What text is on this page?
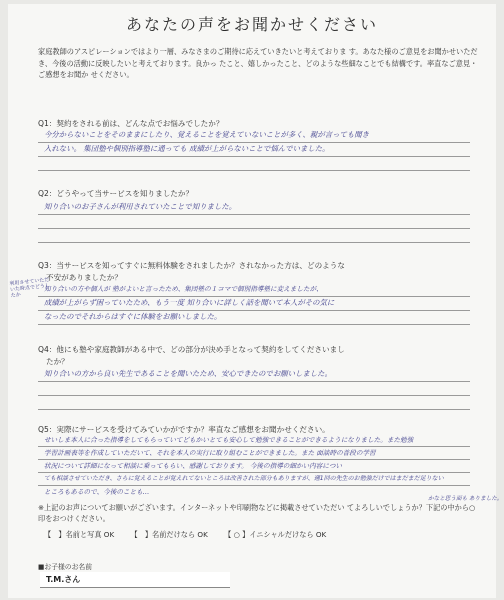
あなたの声をお聞かせください
家庭教師のアスピレーションではより一層、みなさまのご期待に応えていきたいと考えておりま す。あなた様のご意見をお聞かせいただき、今後の活動に反映したいと考えております。良かっ たこと、嬉しかったこと、どのような些細なことでも結構です。率直なご意見・ご感想をお聞か せください。
Q1：契約をされる前は、どんな点でお悩みでしたか？
今分からないことをそのままにしたり、覚えることを覚えていないことが多く、親が言っても聞き
入れない。 集団塾や個別指導塾に通っても 成績が上がらないことで悩んでいました。
Q2：どうやって当サービスを知りましたか？
知り合いのお子さんが利用されていたことで知りました。
Q3：当サービスを知ってすぐに無料体験をされましたか？されなかった方は、どのような
不安がありましたか？
利用させていただいた時点でどうしたか
知り合いの方や個人が 塾がよいと言ったため、集団塾の１コマで個別指導塾に変えましたが、
成績が上がらず困っていたため、もう一度 知り合いに詳しく話を聞いて本人がその気に
なったのでそれからはすぐに体験をお願いしました。
Q4：他にも塾や家庭教師がある中で、どの部分が決め手となって契約をしてくださいまし
たか？
知り合いの方から良い先生であることを聞いたため、安心できたのでお願いしました。
Q5：実際にサービスを受けてみていかがですか？率直なご感想をお聞かせください。
せいしま本人に合った指導をしてもらっていてどもかいとても安心して勉強できることができるようになりました。また勉強
学習計画表等を作成していただいて、それを本人の実行に取り組むことができました。また 面談時の普段の学習
状況について詳細になって相談に乗ってもらい、感謝しております。 今後の指導の細かい内容につい
ても相談させていただき、さらに覚えることが覚えれてないところは改善された部分もありますが、週1回の先生のお勉強だけではまだまだ足りない
ところもあるので、今後のことも…
かなと思う面も ありました。
※上記のお声についてお願いがございます。インターネットや印刷物などに掲載させていただい てよろしいでしょうか？下記の中から○印をおつけください。
【　】名前と写真 OK 【　】名前だけなら OK 【 ○ 】イニシャルだけなら OK
■お子様のお名前
T.M.さん
